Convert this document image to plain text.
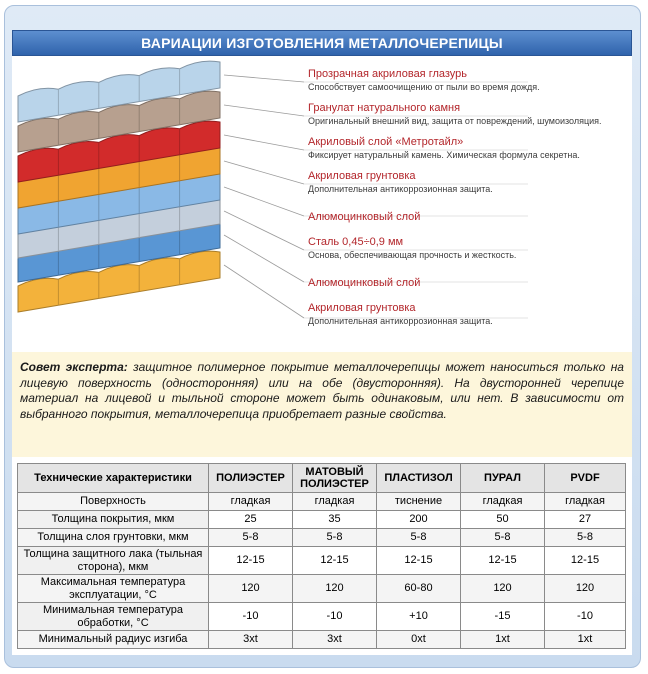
ВАРИАЦИИ ИЗГОТОВЛЕНИЯ МЕТАЛЛОЧЕРЕПИЦЫ
Прозрачная акриловая глазурь
Способствует самоочищению от пыли во время дождя.
Гранулат натурального камня
Оригинальный внешний вид, защита от повреждений, шумоизоляция.
Акриловый слой «Метротайл»
Фиксирует натуральный камень. Химическая формула секретна.
Акриловая грунтовка
Дополнительная антикоррозионная защита.
Алюмоцинковый слой
Сталь 0,45÷0,9 мм
Основа, обеспечивающая прочность и жесткость.
Алюмоцинковый слой
Акриловая грунтовка
Дополнительная антикоррозионная защита.
Совет эксперта: защитное полимерное покрытие металлочерепицы может наноситься только на лицевую поверхность (односторонняя) или на обе (двусторонняя). На двусторонней черепице материал на лицевой и тыльной стороне может быть одинаковым, или нет. В зависимости от выбранного покрытия, металлочерепица приобретает разные свойства.
Технические характеристики	ПОЛИЭСТЕР	МАТОВЫЙ ПОЛИЭСТЕР	ПЛАСТИЗОЛ	ПУРАЛ	PVDF
Поверхность	гладкая	гладкая	тиснение	гладкая	гладкая
Толщина покрытия, мкм	25	35	200	50	27
Толщина слоя грунтовки, мкм	5-8	5-8	5-8	5-8	5-8
Толщина защитного лака (тыльная сторона), мкм	12-15	12-15	12-15	12-15	12-15
Максимальная температура эксплуатации, °С	120	120	60-80	120	120
Минимальная температура обработки, °С	-10	-10	+10	-15	-10
Минимальный радиус изгиба	3xt	3xt	0xt	1xt	1xt
